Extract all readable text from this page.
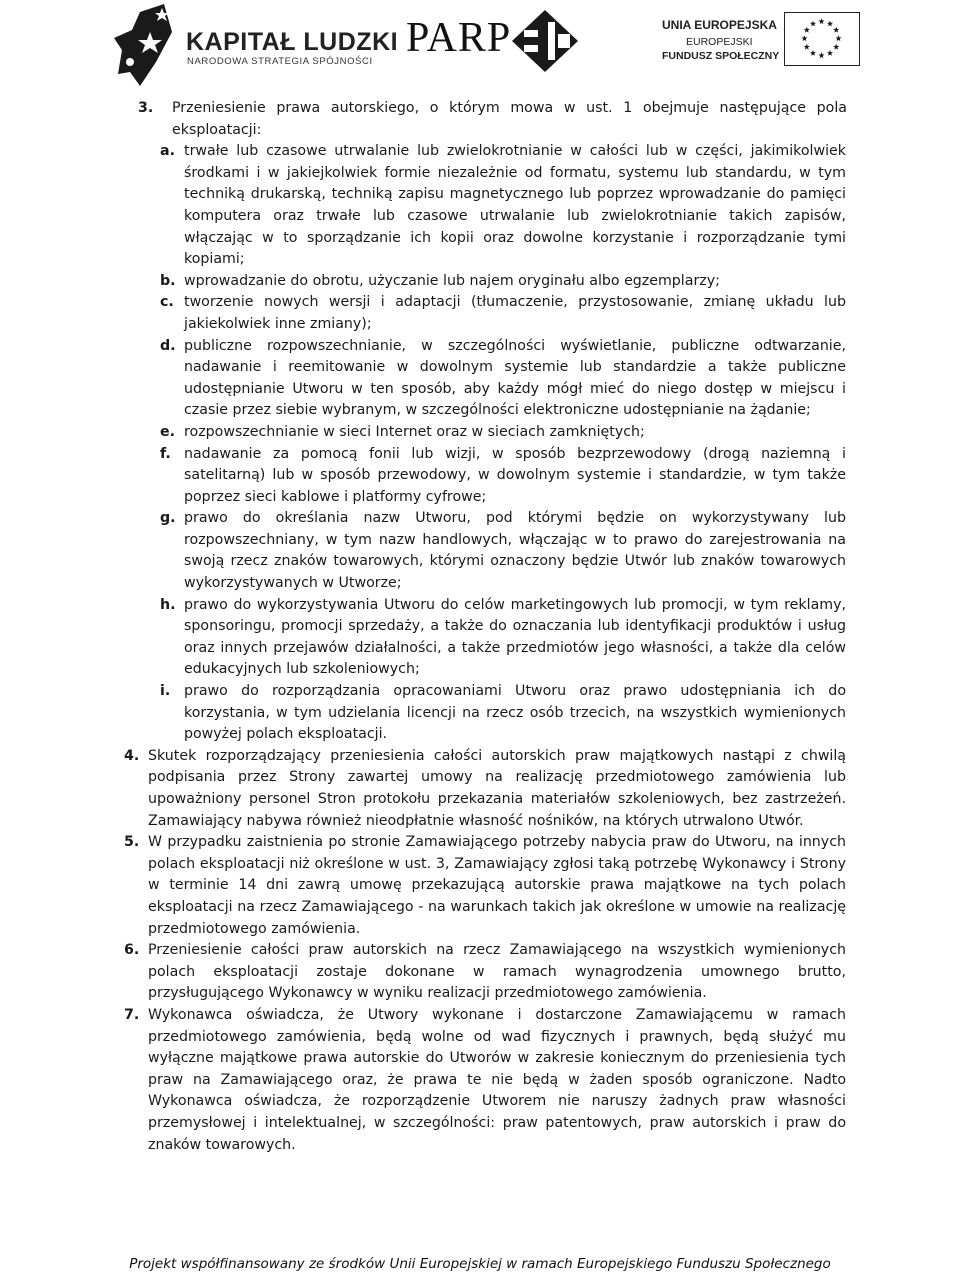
KAPITAŁ LUDZKI
NARODOWA STRATEGIA SPÓJNOŚCI
PARP	UNIA EUROPEJSKA
EUROPEJSKI
FUNDUSZ SPOŁECZNY
3. Przeniesienie prawa autorskiego, o którym mowa w ust. 1 obejmuje następujące pola eksploatacji:
a. trwałe lub czasowe utrwalanie lub zwielokrotnianie w całości lub w części, jakimikolwiek środkami i w jakiejkolwiek formie niezależnie od formatu, systemu lub standardu, w tym techniką drukarską, techniką zapisu magnetycznego lub poprzez wprowadzanie do pamięci komputera oraz trwałe lub czasowe utrwalanie lub zwielokrotnianie takich zapisów, włączając w to sporządzanie ich kopii oraz dowolne korzystanie i rozporządzanie tymi kopiami;
b. wprowadzanie do obrotu, użyczanie lub najem oryginału albo egzemplarzy;
c. tworzenie nowych wersji i adaptacji (tłumaczenie, przystosowanie, zmianę układu lub jakiekolwiek inne zmiany);
d. publiczne rozpowszechnianie, w szczególności wyświetlanie, publiczne odtwarzanie, nadawanie i reemitowanie w dowolnym systemie lub standardzie a także publiczne udostępnianie Utworu w ten sposób, aby każdy mógł mieć do niego dostęp w miejscu i czasie przez siebie wybranym, w szczególności elektroniczne udostępnianie na żądanie;
e. rozpowszechnianie w sieci Internet oraz w sieciach zamkniętych;
f. nadawanie za pomocą fonii lub wizji, w sposób bezprzewodowy (drogą naziemną i satelitarną) lub w sposób przewodowy, w dowolnym systemie i standardzie, w tym także poprzez sieci kablowe i platformy cyfrowe;
g. prawo do określania nazw Utworu, pod którymi będzie on wykorzystywany lub rozpowszechniany, w tym nazw handlowych, włączając w to prawo do zarejestrowania na swoją rzecz znaków towarowych, którymi oznaczony będzie Utwór lub znaków towarowych wykorzystywanych w Utworze;
h. prawo do wykorzystywania Utworu do celów marketingowych lub promocji, w tym reklamy, sponsoringu, promocji sprzedaży, a także do oznaczania lub identyfikacji produktów i usług oraz innych przejawów działalności, a także przedmiotów jego własności, a także dla celów edukacyjnych lub szkoleniowych;
i. prawo do rozporządzania opracowaniami Utworu oraz prawo udostępniania ich do korzystania, w tym udzielania licencji na rzecz osób trzecich, na wszystkich wymienionych powyżej polach eksploatacji.
4. Skutek rozporządzający przeniesienia całości autorskich praw majątkowych nastąpi z chwilą podpisania przez Strony zawartej umowy na realizację przedmiotowego zamówienia lub upoważniony personel Stron protokołu przekazania materiałów szkoleniowych, bez zastrzeżeń. Zamawiający nabywa również nieodpłatnie własność nośników, na których utrwalono Utwór.
5. W przypadku zaistnienia po stronie Zamawiającego potrzeby nabycia praw do Utworu, na innych polach eksploatacji niż określone w ust. 3, Zamawiający zgłosi taką potrzebę Wykonawcy i Strony w terminie 14 dni zawrą umowę przekazującą autorskie prawa majątkowe na tych polach eksploatacji na rzecz Zamawiającego - na warunkach takich jak określone w umowie na realizację przedmiotowego zamówienia.
6. Przeniesienie całości praw autorskich na rzecz Zamawiającego na wszystkich wymienionych polach eksploatacji zostaje dokonane w ramach wynagrodzenia umownego brutto, przysługującego Wykonawcy w wyniku realizacji przedmiotowego zamówienia.
7. Wykonawca oświadcza, że Utwory wykonane i dostarczone Zamawiającemu w ramach przedmiotowego zamówienia, będą wolne od wad fizycznych i prawnych, będą służyć mu wyłączne majątkowe prawa autorskie do Utworów w zakresie koniecznym do przeniesienia tych praw na Zamawiającego oraz, że prawa te nie będą w żaden sposób ograniczone. Nadto Wykonawca oświadcza, że rozporządzenie Utworem nie naruszy żadnych praw własności przemysłowej i intelektualnej, w szczególności: praw patentowych, praw autorskich i praw do znaków towarowych.
Projekt współfinansowany ze środków Unii Europejskiej w ramach Europejskiego Funduszu Społecznego
